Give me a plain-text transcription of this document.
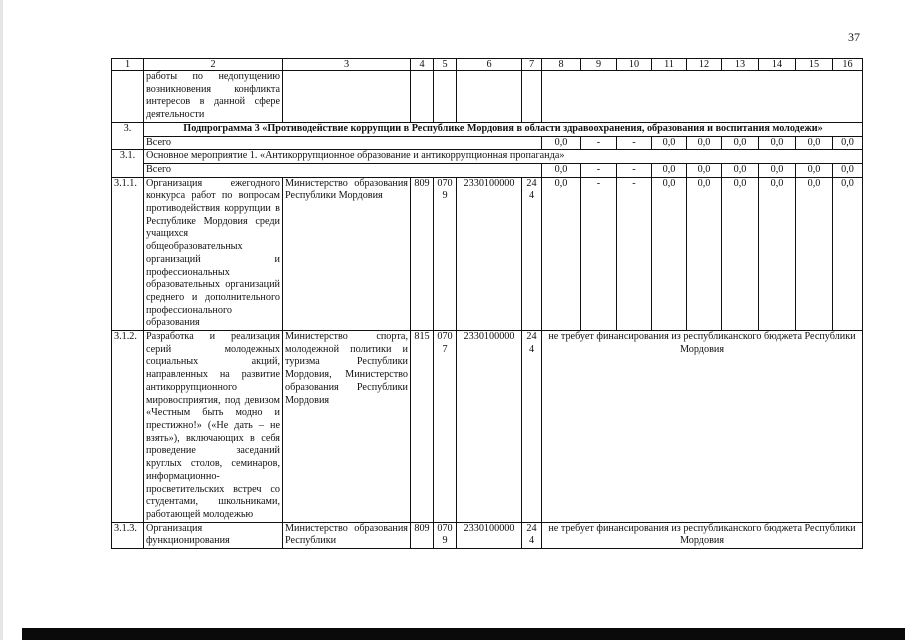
37
1	2	3	4	5	6	7	8	9	10	11	12	13	14	15	16
	работы по недопущению возникновения конфликта интересов в данной сфере деятельности														
3.	Подпрограмма 3 «Противодействие коррупции в Республике Мордовия в области здравоохранения, образования и воспитания молодежи»														
	Всего						0,0	-	-	0,0	0,0	0,0	0,0	0,0	0,0
3.1.	Основное мероприятие 1. «Антикоррупционное образование и антикоррупционная пропаганда»														
	Всего						0,0	-	-	0,0	0,0	0,0	0,0	0,0	0,0
3.1.1.	Организация ежегодного конкурса работ по вопросам противодействия коррупции в Республике Мордовия среди учащихся общеобразовательных организаций и профессиональных образовательных организаций среднего и дополнительного профессионального образования	Министерство образования Республики Мордовия	809	0709	2330100000	244	0,0	-	-	0,0	0,0	0,0	0,0	0,0	0,0
3.1.2.	Разработка и реализация серий молодежных социальных акций, направленных на развитие антикоррупционного мировосприятия, под девизом «Честным быть модно и престижно!» («Не дать – не взять»), включающих в себя проведение заседаний круглых столов, семинаров, информационно-просветительских встреч со студентами, школьниками, работающей молодежью	Министерство спорта, молодежной политики и туризма Республики Мордовия, Министерство образования Республики Мордовия	815	0707	2330100000	244	не требует финансирования из республиканского бюджета Республики Мордовия								
3.1.3.	Организация функционирования	Министерство образования Республики	809	0709	2330100000	244	не требует финансирования из республиканского бюджета Республики Мордовия								
